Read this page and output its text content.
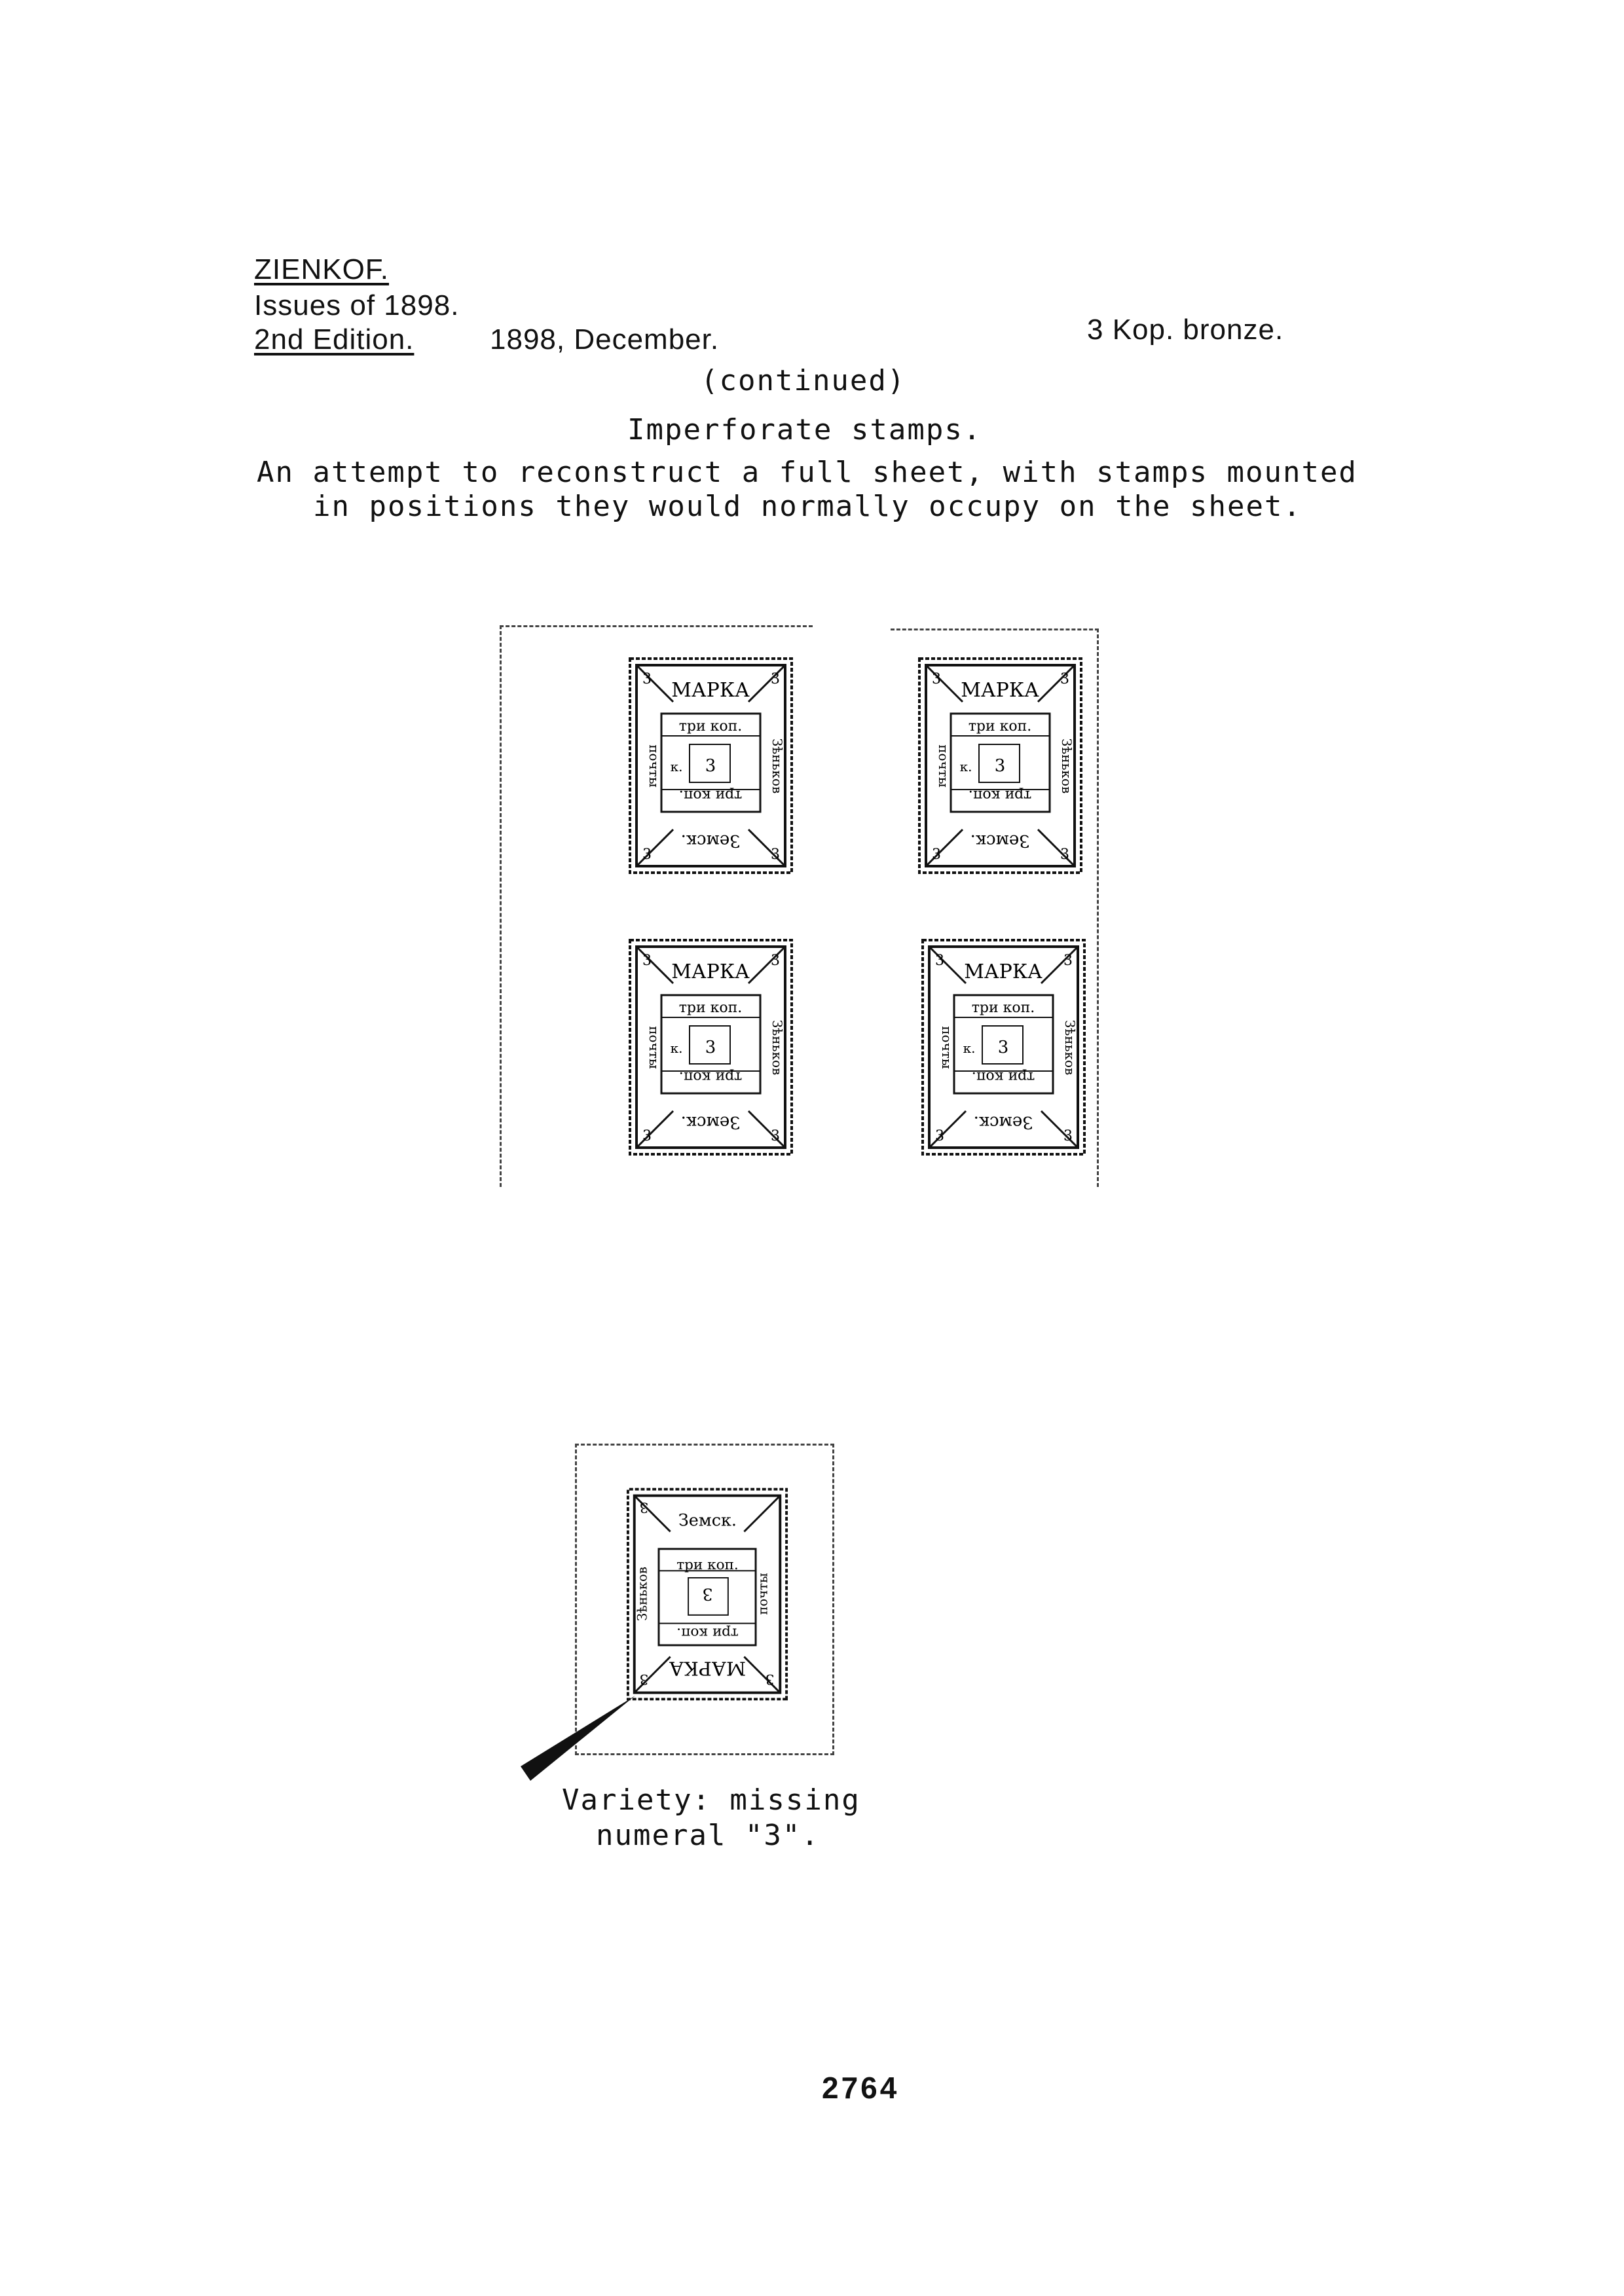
ZIENKOF.
Issues of 1898.
2nd Edition.	1898, December.	3 Kop. bronze.
(continued)
Imperforate stamps.
An attempt to reconstruct a full sheet, with stamps mounted
in positions they would normally occupy on the sheet.
МАРКА
три коп.
три коп.
3
к.
Земск.
почты	Зѣньков
3	3
3	3
МАРКА
три коп.
три коп.
3
к.
Земск.
почты	Зѣньков
3	3
3	3
МАРКА
три коп.
три коп.
3
к.
Земск.
почты	Зѣньков
3	3
3	3
МАРКА
три коп.
три коп.
3
к.
Земск.
почты	Зѣньков
3	3
3	3
МАРКА
три коп.
три коп.
3
Земск.
почты
Зѣньков
3
3
3
Variety: missing
numeral "3".
2764
